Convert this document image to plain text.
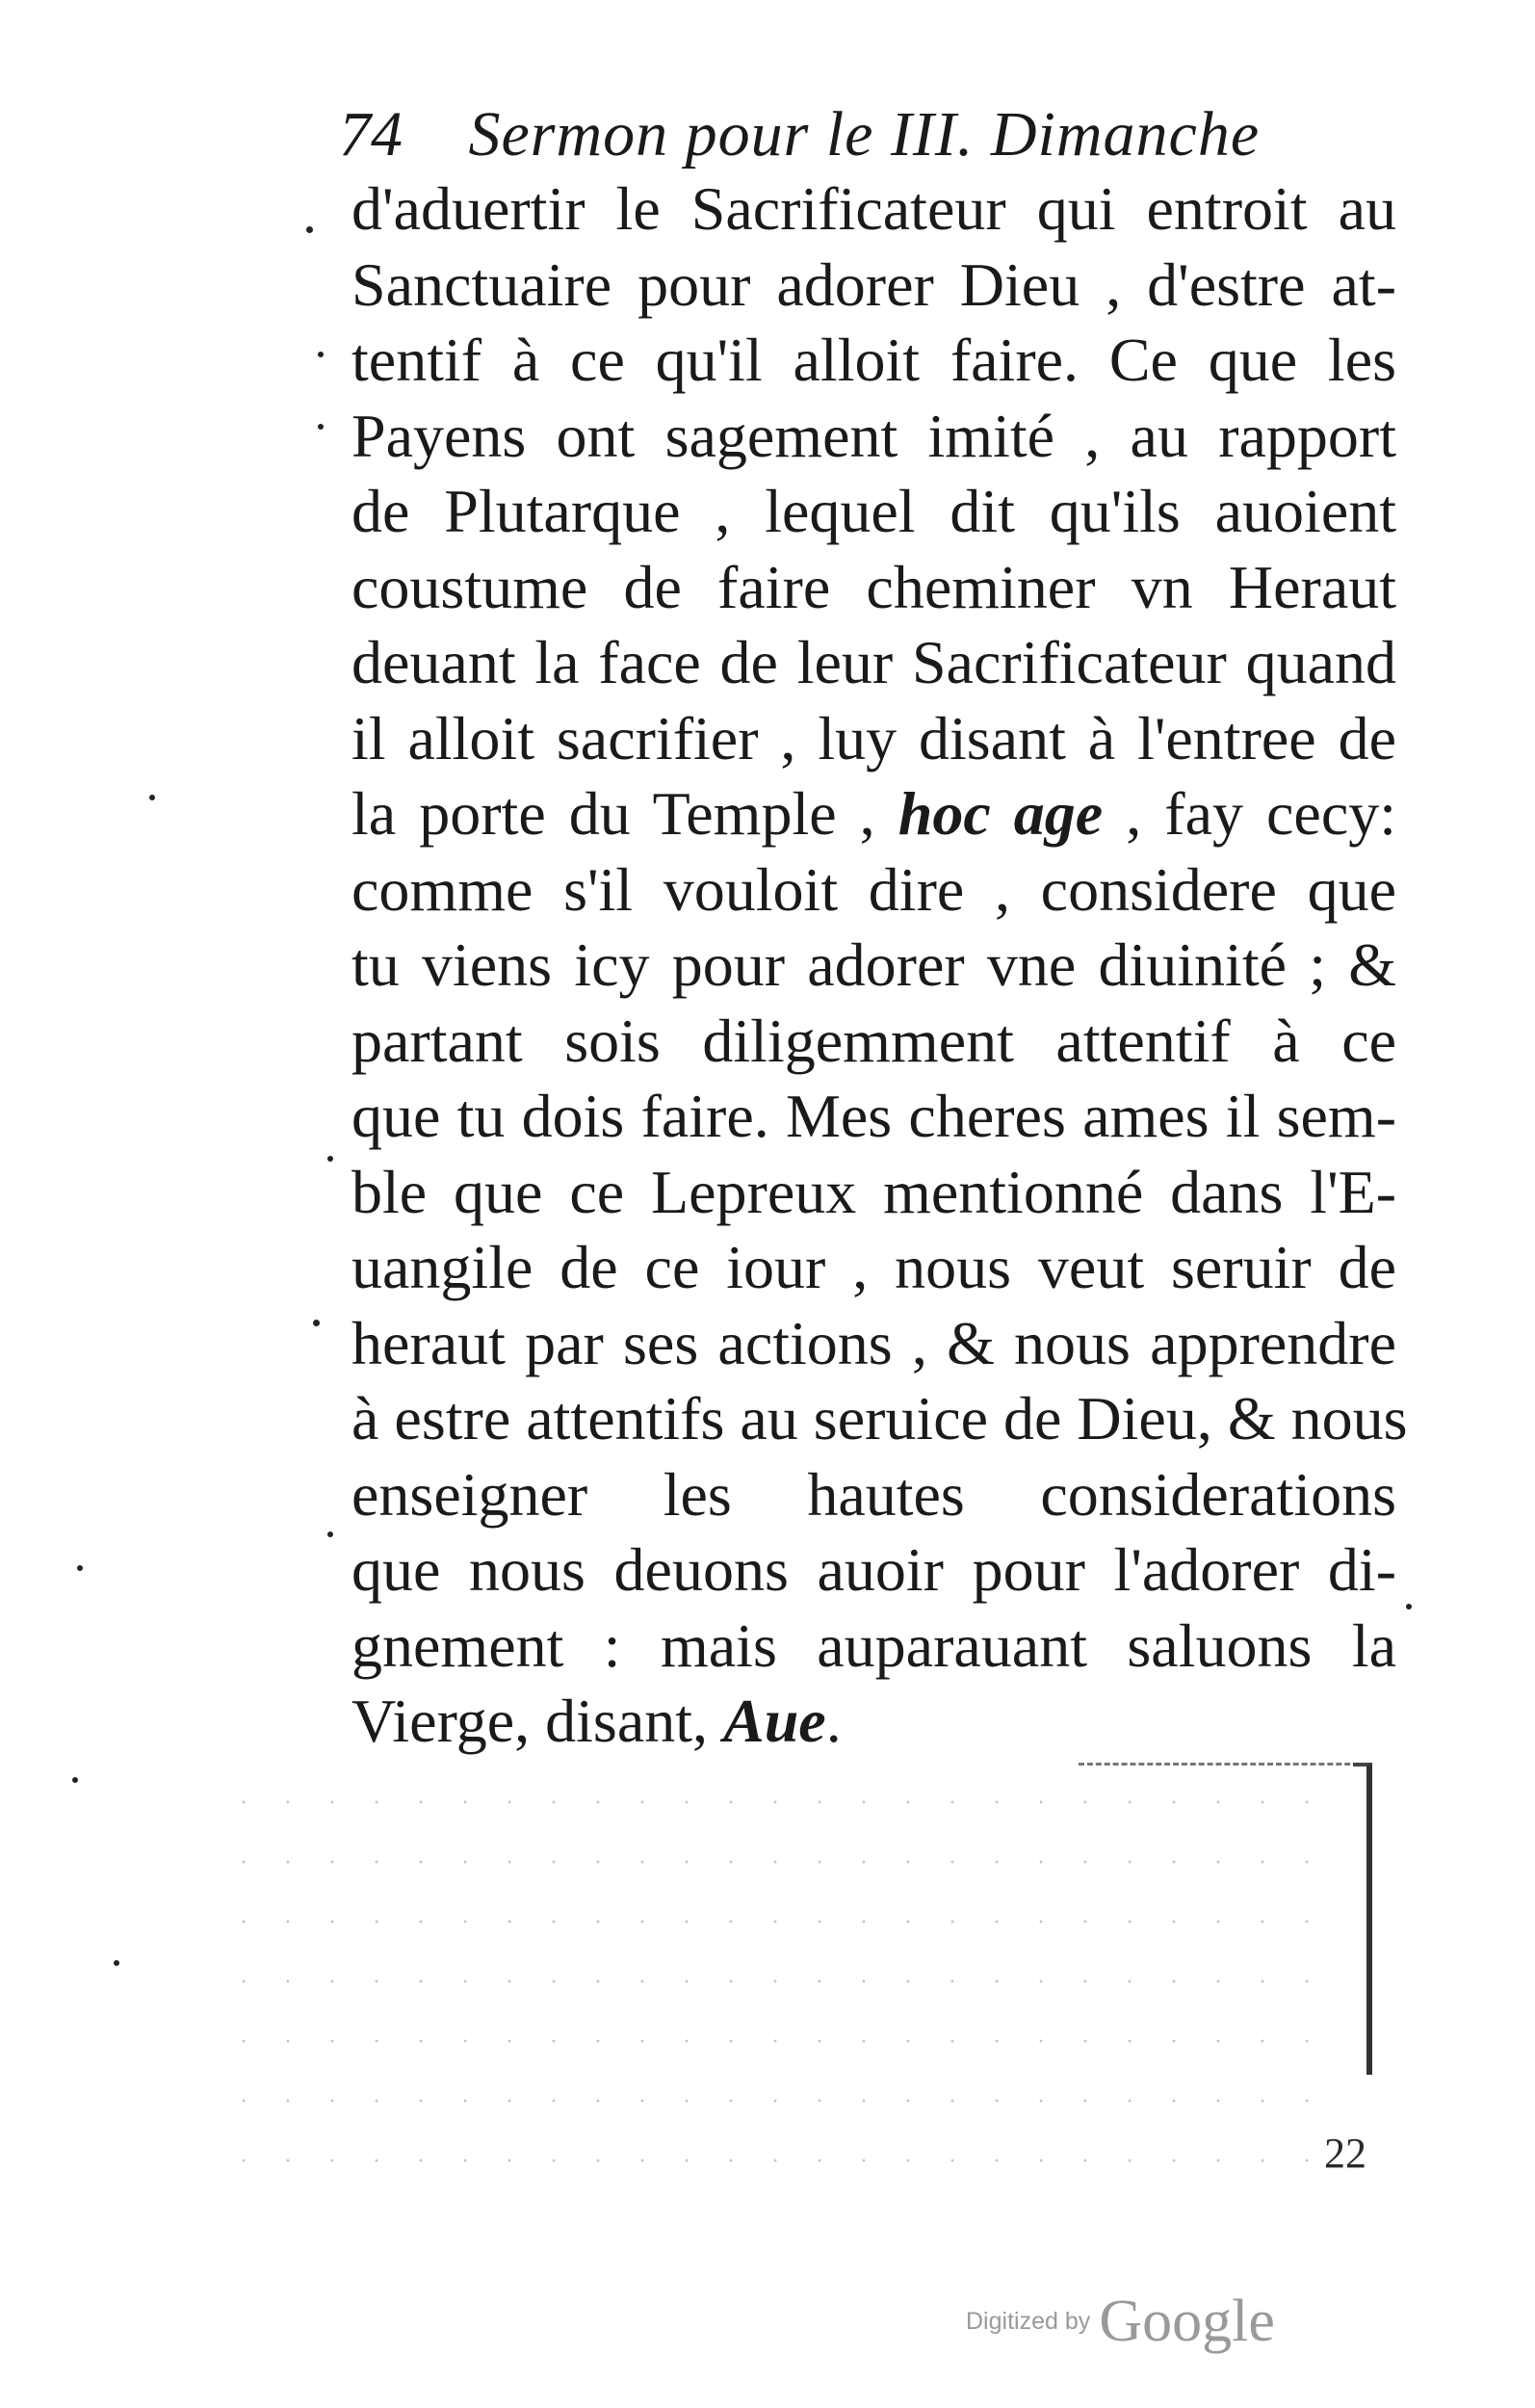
74 Sermon pour le III. Dimanche
d'aduertir le Sacrificateur qui entroit au
Sanctuaire pour adorer Dieu , d'estre at-
tentif à ce qu'il alloit faire. Ce que les
Payens ont sagement imité , au rapport
de Plutarque , lequel dit qu'ils auoient
coustume de faire cheminer vn Heraut
deuant la face de leur Sacrificateur quand
il alloit sacrifier , luy disant à l'entree de
la porte du Temple , hoc age , fay cecy:
comme s'il vouloit dire , considere que
tu viens icy pour adorer vne diuinité ; &
partant sois diligemment attentif à ce
que tu dois faire. Mes cheres ames il sem-
ble que ce Lepreux mentionné dans l'E-
uangile de ce iour , nous veut seruir de
heraut par ses actions , & nous apprendre
à estre attentifs au seruice de Dieu, & nous
enseigner les hautes considerations
que nous deuons auoir pour l'adorer di-
gnement : mais auparauant saluons la
Vierge, disant, Aue.
22
Digitized by Google
